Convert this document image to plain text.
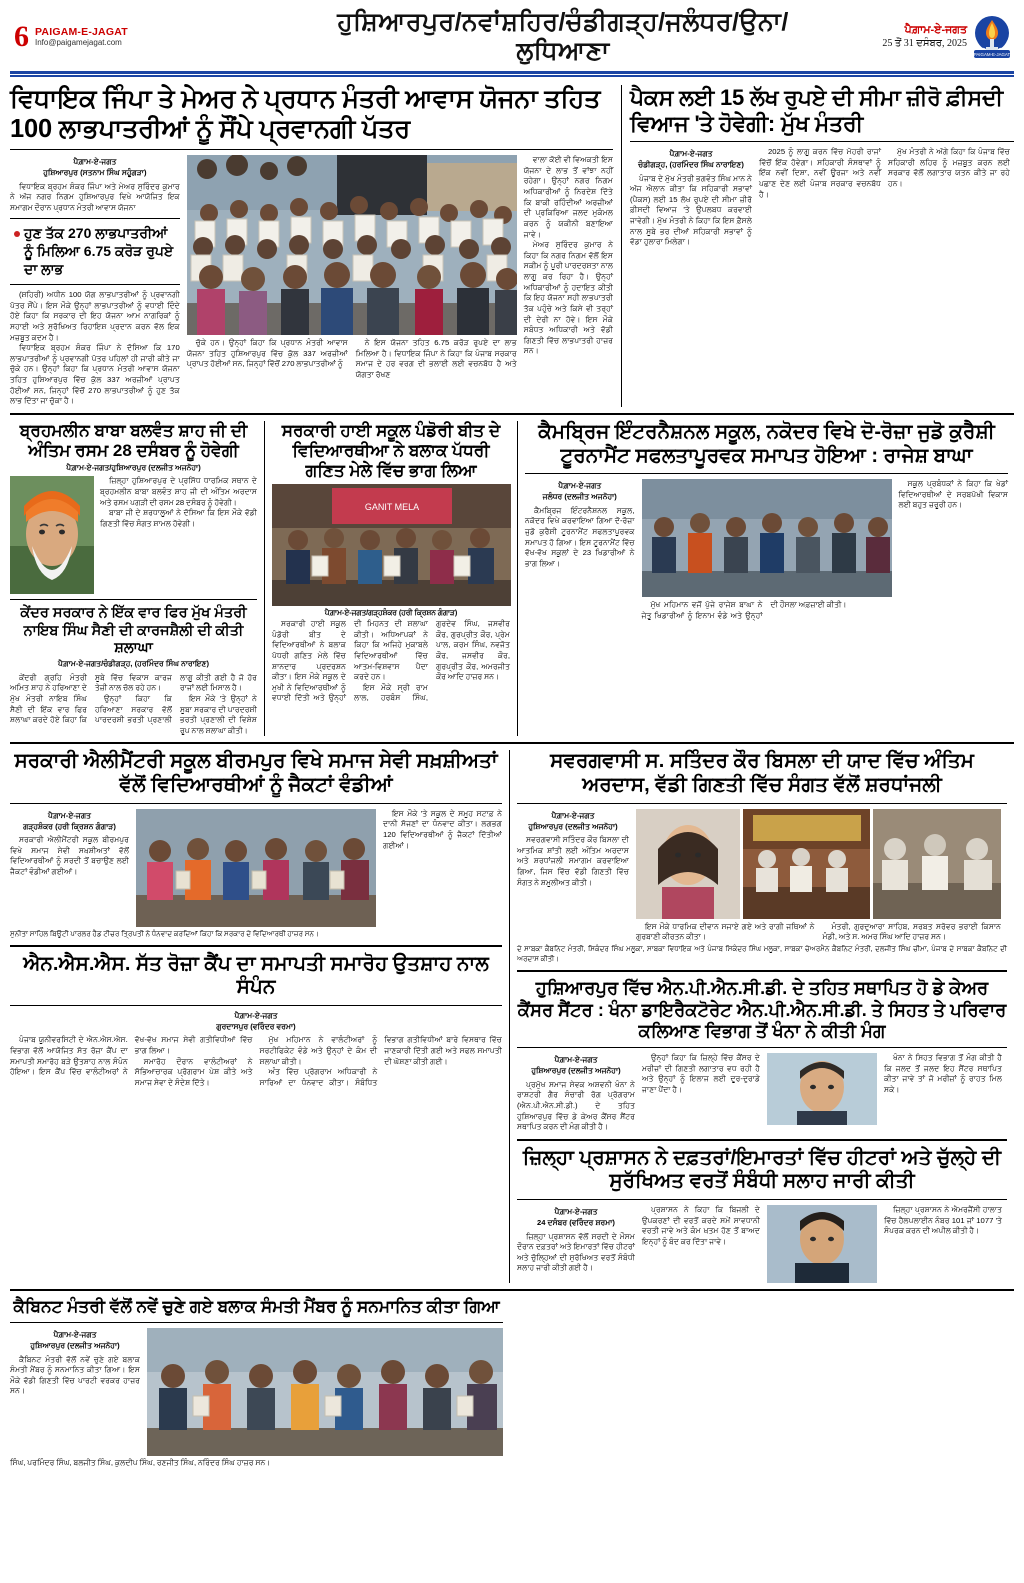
6 PAIGAM-E-JAGAT
Info@paigamejagat.com
ਹੁਸ਼ਿਆਰਪੁਰ/ਨਵਾਂਸ਼ਹਿਰ/ਚੰਡੀਗੜ੍ਹ/ਜਲੰਧਰ/ਉਨਾ/ਲੁਧਿਆਣਾ
ਪੈਗ਼ਾਮ-ਏ-ਜਗਤ
25 ਤੋਂ 31 ਦਸੰਬਰ, 2025
PAIGAM-E-JAGAT
ਵਿਧਾਇਕ ਜਿੰਪਾ ਤੇ ਮੇਅਰ ਨੇ ਪ੍ਰਧਾਨ ਮੰਤਰੀ ਆਵਾਸ ਯੋਜਨਾ ਤਹਿਤ 100 ਲਾਭਪਾਤਰੀਆਂ ਨੂੰ ਸੌਂਪੇ ਪ੍ਰਵਾਨਗੀ ਪੱਤਰ
ਪੈਗ਼ਾਮ-ਏ-ਜਗਤ
ਹੁਸ਼ਿਆਰਪੁਰ (ਸਤਨਾਮ ਸਿੰਘ ਸਹੂੰਗੜਾ)

ਵਿਧਾਇਕ ਬ੍ਰਹਮ ਸ਼ੰਕਰ ਜਿੰਪਾ ਅਤੇ ਮੇਅਰ ਸੁਰਿੰਦਰ ਕੁਮਾਰ ਨੇ ਅੱਜ ਨਗਰ ਨਿਗਮ ਹੁਸ਼ਿਆਰਪੁਰ ਵਿਖੇ ਆਯੋਜਿਤ ਇਕ ਸਮਾਗਮ ਦੌਰਾਨ ਪ੍ਰਧਾਨ ਮੰਤਰੀ ਆਵਾਸ ਯੋਜਨਾ

ਹੁਣ ਤੱਕ 270 ਲਾਭਪਾਤਰੀਆਂ ਨੂੰ ਮਿਲਿਆ 6.75 ਕਰੋੜ ਰੁਪਏ ਦਾ ਲਾਭ

(ਸ਼ਹਿਰੀ) ਅਧੀਨ 100 ਯੋਗ ਲਾਭਪਾਤਰੀਆਂ ਨੂੰ ਪ੍ਰਵਾਨਗੀ ਪੱਤਰ ਸੌਂਪੇ। ਇਸ ਮੌਕੇ ਉਨ੍ਹਾਂ ਲਾਭਪਾਤਰੀਆਂ ਨੂੰ ਵਧਾਈ ਦਿੰਦੇ ਹੋਏ ਕਿਹਾ ਕਿ ਸਰਕਾਰ ਦੀ ਇਹ ਯੋਜਨਾ ਆਮ ਨਾਗਰਿਕਾਂ ਨੂੰ ਸਹਾਈ ਅਤੇ ਸੁਰੱਖਿਅਤ ਰਿਹਾਇਸ਼ ਪ੍ਰਦਾਨ ਕਰਨ ਵੱਲ ਇਕ ਮਜ਼ਬੂਤ ਕਦਮ ਹੈ।

ਵਿਧਾਇਕ ਬ੍ਰਹਮ ਸ਼ੰਕਰ ਜਿੰਪਾ ਨੇ ਦੱਸਿਆ ਕਿ 170 ਲਾਭਪਾਤਰੀਆਂ ਨੂੰ ਪ੍ਰਵਾਨਗੀ ਪੱਤਰ ਪਹਿਲਾਂ ਹੀ ਜਾਰੀ ਕੀਤੇ ਜਾ ਚੁੱਕੇ ਹਨ। ਉਨ੍ਹਾਂ ਕਿਹਾ ਕਿ ਪ੍ਰਧਾਨ ਮੰਤਰੀ ਆਵਾਸ ਯੋਜਨਾ ਤਹਿਤ ਹੁਸ਼ਿਆਰਪੁਰ ਵਿੱਚ ਕੁੱਲ 337 ਅਰਜ਼ੀਆਂ ਪ੍ਰਾਪਤ ਹੋਈਆਂ ਸਨ, ਜਿਨ੍ਹਾਂ ਵਿੱਚੋਂ 270 ਲਾਭਪਾਤਰੀਆਂ ਨੂੰ ਹੁਣ ਤੱਕ ਲਾਭ ਦਿੱਤਾ ਜਾ ਚੁੱਕਾ ਹੈ।

ਚੁੱਕੇ ਹਨ। ਉਨ੍ਹਾਂ ਕਿਹਾ ਕਿ ਪ੍ਰਧਾਨ ਮੰਤਰੀ ਆਵਾਸ ਯੋਜਨਾ ਤਹਿਤ ਹੁਸ਼ਿਆਰਪੁਰ ਵਿੱਚ ਕੁੱਲ 337 ਅਰਜ਼ੀਆਂ ਪ੍ਰਾਪਤ ਹੋਈਆਂ ਸਨ, ਜਿਨ੍ਹਾਂ ਵਿੱਚੋਂ 270 ਲਾਭਪਾਤਰੀਆਂ ਨੂੰ

ਨੇ ਇਸ ਯੋਜਨਾ ਤਹਿਤ 6.75 ਕਰੋੜ ਰੁਪਏ ਦਾ ਲਾਭ ਮਿਲਿਆ ਹੈ। ਵਿਧਾਇਕ ਜਿੰਪਾ ਨੇ ਕਿਹਾ ਕਿ ਪੰਜਾਬ ਸਰਕਾਰ ਸਮਾਜ ਦੇ ਹਰ ਵਰਗ ਦੀ ਭਲਾਈ ਲਈ ਵਚਨਬੱਧ ਹੈ ਅਤੇ ਯੋਗਤਾ ਰੱਖਣ

ਵਾਲਾ ਕੋਈ ਵੀ ਵਿਅਕਤੀ ਇਸ ਯੋਜਨਾ ਦੇ ਲਾਭ ਤੋਂ ਵਾਂਝਾ ਨਹੀਂ ਰਹੇਗਾ। ਉਨ੍ਹਾਂ ਨਗਰ ਨਿਗਮ ਅਧਿਕਾਰੀਆਂ ਨੂੰ ਨਿਰਦੇਸ਼ ਦਿੱਤੇ ਕਿ ਬਾਕੀ ਰਹਿੰਦੀਆਂ ਅਰਜ਼ੀਆਂ ਦੀ ਪ੍ਰਕਿਰਿਆ ਜਲਦ ਮੁਕੰਮਲ ਕਰਨ ਨੂੰ ਯਕੀਨੀ ਬਣਾਇਆ ਜਾਵੇ।

ਮੇਅਰ ਸੁਰਿੰਦਰ ਕੁਮਾਰ ਨੇ ਕਿਹਾ ਕਿ ਨਗਰ ਨਿਗਮ ਵੱਲੋਂ ਇਸ ਸਕੀਮ ਨੂੰ ਪੂਰੀ ਪਾਰਦਰਸ਼ਤਾ ਨਾਲ ਲਾਗੂ ਕਰ ਰਿਹਾ ਹੈ। ਉਨ੍ਹਾਂ ਅਧਿਕਾਰੀਆਂ ਨੂੰ ਹਦਾਇਤ ਕੀਤੀ ਕਿ ਇਹ ਯੋਜਨਾ ਸਹੀ ਲਾਭਪਾਤਰੀ ਤੱਕ ਪਹੁੰਚੇ ਅਤੇ ਕਿਸੇ ਵੀ ਤਰ੍ਹਾਂ ਦੀ ਦੇਰੀ ਨਾ ਹੋਵੇ। ਇਸ ਮੌਕੇ ਸਬੰਧਤ ਅਧਿਕਾਰੀ ਅਤੇ ਵੱਡੀ ਗਿਣਤੀ ਵਿੱਚ ਲਾਭਪਾਤਰੀ ਹਾਜ਼ਰ ਸਨ।

ਪੈਕਸ ਲਈ 15 ਲੱਖ ਰੁਪਏ ਦੀ ਸੀਮਾ ਜ਼ੀਰੋ ਫ਼ੀਸਦੀ ਵਿਆਜ 'ਤੇ ਹੋਵੇਗੀ: ਮੁੱਖ ਮੰਤਰੀ
ਪੈਗ਼ਾਮ-ਏ-ਜਗਤ
ਚੰਡੀਗੜ੍ਹ, (ਹਰਮਿੰਦਰ ਸਿੰਘ ਨਾਰਾਇਣ)

ਪੰਜਾਬ ਦੇ ਮੁੱਖ ਮੰਤਰੀ ਭਗਵੰਤ ਸਿੰਘ ਮਾਨ ਨੇ ਅੱਜ ਐਲਾਨ ਕੀਤਾ ਕਿ ਸਹਿਕਾਰੀ ਸਭਾਵਾਂ (ਪੈਕਸ) ਲਈ 15 ਲੱਖ ਰੁਪਏ ਦੀ ਸੀਮਾ ਜ਼ੀਰੋ ਫ਼ੀਸਦੀ ਵਿਆਜ 'ਤੇ ਉਪਲਬਧ ਕਰਵਾਈ ਜਾਵੇਗੀ। ਮੁੱਖ ਮੰਤਰੀ ਨੇ ਕਿਹਾ ਕਿ ਇਸ ਫ਼ੈਸਲੇ ਨਾਲ ਸੂਬੇ ਭਰ ਦੀਆਂ ਸਹਿਕਾਰੀ ਸਭਾਵਾਂ ਨੂੰ ਵੱਡਾ ਹੁਲਾਰਾ ਮਿਲੇਗਾ।

2025 ਨੂੰ ਲਾਗੂ ਕਰਨ ਵਿੱਚ ਮੋਹਰੀ ਰਾਜਾਂ ਵਿੱਚੋਂ ਇੱਕ ਹੋਵੇਗਾ। ਸਹਿਕਾਰੀ ਸੰਸਥਾਵਾਂ ਨੂੰ ਇੱਕ ਨਵੀਂ ਦਿਸ਼ਾ, ਨਵੀਂ ਊਰਜਾ ਅਤੇ ਨਵੀਂ ਪਛਾਣ ਦੇਣ ਲਈ ਪੰਜਾਬ ਸਰਕਾਰ ਵਚਨਬੱਧ ਹੈ।

ਮੁੱਖ ਮੰਤਰੀ ਨੇ ਅੱਗੇ ਕਿਹਾ ਕਿ ਪੰਜਾਬ ਵਿੱਚ ਸਹਿਕਾਰੀ ਲਹਿਰ ਨੂੰ ਮਜ਼ਬੂਤ ਕਰਨ ਲਈ ਸਰਕਾਰ ਵੱਲੋਂ ਲਗਾਤਾਰ ਯਤਨ ਕੀਤੇ ਜਾ ਰਹੇ ਹਨ।

ਬ੍ਰਹਮਲੀਨ ਬਾਬਾ ਬਲਵੰਤ ਸ਼ਾਹ ਜੀ ਦੀ ਅੰਤਿਮ ਰਸਮ 28 ਦਸੰਬਰ ਨੂੰ ਹੋਵੇਗੀ
ਪੈਗ਼ਾਮ-ਏ-ਜਗਤ/ਹੁਸ਼ਿਆਰਪੁਰ (ਦਲਜੀਤ ਅਜਨੋਹਾ)

ਜ਼ਿਲ੍ਹਾ ਹੁਸ਼ਿਆਰਪੁਰ ਦੇ ਪ੍ਰਸਿੱਧ ਧਾਰਮਿਕ ਸਥਾਨ ਦੇ ਬ੍ਰਹਮਲੀਨ ਬਾਬਾ ਬਲਵੰਤ ਸ਼ਾਹ ਜੀ ਦੀ ਅੰਤਿਮ ਅਰਦਾਸ ਅਤੇ ਰਸਮ ਪਗੜੀ ਦੀ ਰਸਮ 28 ਦਸੰਬਰ ਨੂੰ ਹੋਵੇਗੀ।

ਬਾਬਾ ਜੀ ਦੇ ਸ਼ਰਧਾਲੂਆਂ ਨੇ ਦੱਸਿਆ ਕਿ ਇਸ ਮੌਕੇ ਵੱਡੀ ਗਿਣਤੀ ਵਿੱਚ ਸੰਗਤ ਸ਼ਾਮਲ ਹੋਵੇਗੀ।

ਕੇਂਦਰ ਸਰਕਾਰ ਨੇ ਇੱਕ ਵਾਰ ਫਿਰ ਮੁੱਖ ਮੰਤਰੀ ਨਾਇਬ ਸਿੰਘ ਸੈਣੀ ਦੀ ਕਾਰਜਸ਼ੈਲੀ ਦੀ ਕੀਤੀ ਸ਼ਲਾਘਾ
ਪੈਗ਼ਾਮ-ਏ-ਜਗਤ/ਚੰਡੀਗੜ੍ਹ, (ਹਰਮਿੰਦਰ ਸਿੰਘ ਨਾਰਾਇਣ)

ਕੇਂਦਰੀ ਗ੍ਰਹਿ ਮੰਤਰੀ ਅਮਿਤ ਸ਼ਾਹ ਨੇ ਹਰਿਆਣਾ ਦੇ ਮੁੱਖ ਮੰਤਰੀ ਨਾਇਬ ਸਿੰਘ ਸੈਣੀ ਦੀ ਇੱਕ ਵਾਰ ਫਿਰ ਸ਼ਲਾਘਾ ਕਰਦੇ ਹੋਏ ਕਿਹਾ ਕਿ ਸੂਬੇ ਵਿੱਚ ਵਿਕਾਸ ਕਾਰਜ ਤੇਜ਼ੀ ਨਾਲ ਚੱਲ ਰਹੇ ਹਨ।

ਉਨ੍ਹਾਂ ਕਿਹਾ ਕਿ ਹਰਿਆਣਾ ਸਰਕਾਰ ਵੱਲੋਂ ਪਾਰਦਰਸ਼ੀ ਭਰਤੀ ਪ੍ਰਣਾਲੀ ਲਾਗੂ ਕੀਤੀ ਗਈ ਹੈ ਜੋ ਹੋਰ ਰਾਜਾਂ ਲਈ ਮਿਸਾਲ ਹੈ।

ਇਸ ਮੌਕੇ 'ਤੇ ਉਨ੍ਹਾਂ ਨੇ ਸੂਬਾ ਸਰਕਾਰ ਦੀ ਪਾਰਦਰਸ਼ੀ ਭਰਤੀ ਪ੍ਰਣਾਲੀ ਦੀ ਵਿਸ਼ੇਸ਼ ਰੂਪ ਨਾਲ ਸ਼ਲਾਘਾ ਕੀਤੀ।

ਸਰਕਾਰੀ ਹਾਈ ਸਕੂਲ ਪੰਡੋਰੀ ਬੀਤ ਦੇ ਵਿਦਿਆਰਥੀਆ ਨੇ ਬਲਾਕ ਪੱਧਰੀ ਗਣਿਤ ਮੇਲੇ ਵਿੱਚ ਭਾਗ ਲਿਆ
GANIT MELA
ਪੈਗ਼ਾਮ-ਏ-ਜਗਤ/ਗੜ੍ਹਸ਼ੰਕਰ (ਹਰੀ ਕ੍ਰਿਸ਼ਨ ਗੰਗਾੜ)

ਸਰਕਾਰੀ ਹਾਈ ਸਕੂਲ ਪੰਡੋਰੀ ਬੀਤ ਦੇ ਵਿਦਿਆਰਥੀਆਂ ਨੇ ਬਲਾਕ ਪੱਧਰੀ ਗਣਿਤ ਮੇਲੇ ਵਿੱਚ ਸ਼ਾਨਦਾਰ ਪ੍ਰਦਰਸ਼ਨ ਕੀਤਾ। ਇਸ ਮੌਕੇ ਸਕੂਲ ਦੇ ਮੁਖੀ ਨੇ ਵਿਦਿਆਰਥੀਆਂ ਨੂੰ ਵਧਾਈ ਦਿੱਤੀ ਅਤੇ ਉਨ੍ਹਾਂ ਦੀ ਮਿਹਨਤ ਦੀ ਸ਼ਲਾਘਾ ਕੀਤੀ। ਅਧਿਆਪਕਾਂ ਨੇ ਕਿਹਾ ਕਿ ਅਜਿਹੇ ਮੁਕਾਬਲੇ ਵਿਦਿਆਰਥੀਆਂ ਵਿੱਚ ਆਤਮ-ਵਿਸ਼ਵਾਸ ਪੈਦਾ ਕਰਦੇ ਹਨ।

ਇਸ ਮੌਕੇ ਸ੍ਰੀ ਰਾਮ ਲਾਲ, ਹਰਬੰਸ ਸਿੰਘ, ਗੁਰਦੇਵ ਸਿੰਘ, ਜਸਵੀਰ ਕੌਰ, ਗੁਰਪ੍ਰੀਤ ਕੌਰ, ਪ੍ਰੇਮ ਪਾਲ, ਕਰਮ ਸਿੰਘ, ਨਵਜੋਤ ਕੌਰ, ਜਸਵੀਰ ਕੌਰ, ਗੁਰਪ੍ਰੀਤ ਕੌਰ, ਅਮਰਜੀਤ ਕੌਰ ਆਦਿ ਹਾਜ਼ਰ ਸਨ।

ਕੈਮਬ੍ਰਿਜ ਇੰਟਰਨੈਸ਼ਨਲ ਸਕੂਲ, ਨਕੋਦਰ ਵਿਖੇ ਦੋ-ਰੋਜ਼ਾ ਜੁਡੋ ਕੁਰੈਸ਼ੀ ਟੂਰਨਾਮੈਂਟ ਸਫਲਤਾਪੂਰਵਕ ਸਮਾਪਤ ਹੋਇਆ : ਰਾਜੇਸ਼ ਬਾਘਾ
ਪੈਗ਼ਾਮ-ਏ-ਜਗਤ
ਜਲੰਧਰ (ਦਲਜੀਤ ਅਜਨੋਹਾ)

ਕੈਮਬ੍ਰਿਜ ਇੰਟਰਨੈਸ਼ਨਲ ਸਕੂਲ, ਨਕੋਦਰ ਵਿਖੇ ਕਰਵਾਇਆ ਗਿਆ ਦੋ-ਰੋਜ਼ਾ ਜੁਡੋ ਕੁਰੈਸ਼ੀ ਟੂਰਨਾਮੈਂਟ ਸਫਲਤਾਪੂਰਵਕ ਸਮਾਪਤ ਹੋ ਗਿਆ। ਇਸ ਟੂਰਨਾਮੈਂਟ ਵਿੱਚ ਵੱਖ-ਵੱਖ ਸਕੂਲਾਂ ਦੇ 23 ਖਿਡਾਰੀਆਂ ਨੇ ਭਾਗ ਲਿਆ।

ਮੁੱਖ ਮਹਿਮਾਨ ਵਜੋਂ ਪੁੱਜੇ ਰਾਜੇਸ਼ ਬਾਘਾ ਨੇ ਜੇਤੂ ਖਿਡਾਰੀਆਂ ਨੂੰ ਇਨਾਮ ਵੰਡੇ ਅਤੇ ਉਨ੍ਹਾਂ ਦੀ ਹੌਸਲਾ ਅਫ਼ਜ਼ਾਈ ਕੀਤੀ।

ਸਕੂਲ ਪ੍ਰਬੰਧਕਾਂ ਨੇ ਕਿਹਾ ਕਿ ਖੇਡਾਂ ਵਿਦਿਆਰਥੀਆਂ ਦੇ ਸਰਬਪੱਖੀ ਵਿਕਾਸ ਲਈ ਬਹੁਤ ਜ਼ਰੂਰੀ ਹਨ।

ਸਰਕਾਰੀ ਐਲੀਮੈਂਟਰੀ ਸਕੂਲ ਬੀਰਮਪੁਰ ਵਿਖੇ ਸਮਾਜ ਸੇਵੀ ਸਖ਼ਸ਼ੀਅਤਾਂ ਵੱਲੋਂ ਵਿਦਿਆਰਥੀਆਂ ਨੂੰ ਜੈਕਟਾਂ ਵੰਡੀਆਂ
ਪੈਗ਼ਾਮ-ਏ-ਜਗਤ
ਗੜ੍ਹਸ਼ੰਕਰ (ਹਰੀ ਕ੍ਰਿਸ਼ਨ ਗੰਗਾੜ)

ਸਰਕਾਰੀ ਐਲੀਮੈਂਟਰੀ ਸਕੂਲ ਬੀਰਮਪੁਰ ਵਿਖੇ ਸਮਾਜ ਸੇਵੀ ਸਖ਼ਸ਼ੀਅਤਾਂ ਵੱਲੋਂ ਵਿਦਿਆਰਥੀਆਂ ਨੂੰ ਸਰਦੀ ਤੋਂ ਬਚਾਉਣ ਲਈ ਜੈਕਟਾਂ ਵੰਡੀਆਂ ਗਈਆਂ।

ਇਸ ਮੌਕੇ 'ਤੇ ਸਕੂਲ ਦੇ ਸਮੂਹ ਸਟਾਫ਼ ਨੇ ਦਾਨੀ ਸੱਜਣਾਂ ਦਾ ਧੰਨਵਾਦ ਕੀਤਾ। ਲਗਭਗ 120 ਵਿਦਿਆਰਥੀਆਂ ਨੂੰ ਜੈਕਟਾਂ ਦਿੱਤੀਆਂ ਗਈਆਂ।

ਸੁਨੀਤਾ ਸਾਹਿਲ ਬਿਊਟੀ ਪਾਰਲਰ ਹੈਡ ਟੀਚਰ ਤ੍ਰਿਪਤੀ ਨੇ ਧੰਨਵਾਦ ਕਰਦਿਆਂ ਕਿਹਾ ਕਿ ਸਰਕਾਰ ਦੇ ਵਿਦਿਆਰਥੀ ਹਾਜ਼ਰ ਸਨ।
ਐਨ.ਐਸ.ਐਸ. ਸੱਤ ਰੋਜ਼ਾ ਕੈਂਪ ਦਾ ਸਮਾਪਤੀ ਸਮਾਰੋਹ ਉਤਸ਼ਾਹ ਨਾਲ ਸੰਪੰਨ
ਪੈਗ਼ਾਮ-ਏ-ਜਗਤ
ਗੁਰਦਾਸਪੁਰ (ਵਰਿੰਦਰ ਵਰਮਾ)

ਪੰਜਾਬ ਯੂਨੀਵਰਸਿਟੀ ਦੇ ਐਨ.ਐਸ.ਐਸ. ਵਿਭਾਗ ਵੱਲੋਂ ਆਯੋਜਿਤ ਸੱਤ ਰੋਜ਼ਾ ਕੈਂਪ ਦਾ ਸਮਾਪਤੀ ਸਮਾਰੋਹ ਬੜੇ ਉਤਸ਼ਾਹ ਨਾਲ ਸੰਪੰਨ ਹੋਇਆ। ਇਸ ਕੈਂਪ ਵਿੱਚ ਵਾਲੰਟੀਅਰਾਂ ਨੇ ਵੱਖ-ਵੱਖ ਸਮਾਜ ਸੇਵੀ ਗਤੀਵਿਧੀਆਂ ਵਿੱਚ ਭਾਗ ਲਿਆ।

ਸਮਾਰੋਹ ਦੌਰਾਨ ਵਾਲੰਟੀਅਰਾਂ ਨੇ ਸੱਭਿਆਚਾਰਕ ਪ੍ਰੋਗਰਾਮ ਪੇਸ਼ ਕੀਤੇ ਅਤੇ ਸਮਾਜ ਸੇਵਾ ਦੇ ਸੰਦੇਸ਼ ਦਿੱਤੇ।

ਮੁੱਖ ਮਹਿਮਾਨ ਨੇ ਵਾਲੰਟੀਅਰਾਂ ਨੂੰ ਸਰਟੀਫਿਕੇਟ ਵੰਡੇ ਅਤੇ ਉਨ੍ਹਾਂ ਦੇ ਕੰਮ ਦੀ ਸ਼ਲਾਘਾ ਕੀਤੀ।

ਅੰਤ ਵਿੱਚ ਪ੍ਰੋਗਰਾਮ ਅਧਿਕਾਰੀ ਨੇ ਸਾਰਿਆਂ ਦਾ ਧੰਨਵਾਦ ਕੀਤਾ। ਸੰਬੰਧਿਤ ਵਿਭਾਗ ਗਤੀਵਿਧੀਆਂ ਬਾਰੇ ਵਿਸਥਾਰ ਵਿੱਚ ਜਾਣਕਾਰੀ ਦਿੱਤੀ ਗਈ ਅਤੇ ਸਫਲ ਸਮਾਪਤੀ ਦੀ ਘੋਸ਼ਣਾ ਕੀਤੀ ਗਈ।

ਸਵਰਗਵਾਸੀ ਸ. ਸਤਿੰਦਰ ਕੌਰ ਬਿਸਲਾ ਦੀ ਯਾਦ ਵਿੱਚ ਅੰਤਿਮ ਅਰਦਾਸ, ਵੱਡੀ ਗਿਣਤੀ ਵਿੱਚ ਸੰਗਤ ਵੱਲੋਂ ਸ਼ਰਧਾਂਜਲੀ
ਪੈਗ਼ਾਮ-ਏ-ਜਗਤ
ਹੁਸ਼ਿਆਰਪੁਰ (ਦਲਜੀਤ ਅਜਨੋਹਾ)

ਸਵਰਗਵਾਸੀ ਸਤਿੰਦਰ ਕੌਰ ਬਿਸਲਾ ਦੀ ਆਤਮਿਕ ਸ਼ਾਂਤੀ ਲਈ ਅੰਤਿਮ ਅਰਦਾਸ ਅਤੇ ਸ਼ਰਧਾਂਜਲੀ ਸਮਾਗਮ ਕਰਵਾਇਆ ਗਿਆ, ਜਿਸ ਵਿੱਚ ਵੱਡੀ ਗਿਣਤੀ ਵਿੱਚ ਸੰਗਤ ਨੇ ਸ਼ਮੂਲੀਅਤ ਕੀਤੀ।

ਇਸ ਮੌਕੇ ਧਾਰਮਿਕ ਦੀਵਾਨ ਸਜਾਏ ਗਏ ਅਤੇ ਰਾਗੀ ਜਥਿਆਂ ਨੇ ਗੁਰਬਾਣੀ ਕੀਰਤਨ ਕੀਤਾ।

ਮੰਤਰੀ, ਗੁਰਦੁਆਰਾ ਸਾਹਿਬ, ਸਰਬਤ ਸਰੋਵਰ ਭਰਾਈ ਕਿਸਾਨ ਮੰਡੀ, ਅਤੇ ਸ. ਅਮਰ ਸਿੰਘ ਆਦਿ ਹਾਜ਼ਰ ਸਨ।

ਦੇ ਸਾਬਕਾ ਕੈਬਨਿਟ ਮੰਤਰੀ, ਸਿਕੰਦਰ ਸਿੰਘ ਮਲੂਕਾ, ਸਾਬਕਾ ਵਿਧਾਇਕ ਅਤੇ ਪੰਜਾਬ ਸਿਕੰਦਰ ਸਿੰਘ ਮਲੂਕਾ, ਸਾਬਕਾ ਚੇਅਰਮੈਨ ਕੈਬਨਿਟ ਮੰਤਰੀ, ਦਲਜੀਤ ਸਿੰਘ ਚੀਮਾ, ਪੰਜਾਬ ਦੇ ਸਾਬਕਾ ਕੈਬਨਿਟ ਦੀ ਅਰਦਾਸ ਕੀਤੀ।
ਹੁਸ਼ਿਆਰਪੁਰ ਵਿੱਚ ਐਨ.ਪੀ.ਐਨ.ਸੀ.ਡੀ. ਦੇ ਤਹਿਤ ਸਥਾਪਿਤ ਹੋ ਡੇ ਕੇਅਰ ਕੈਂਸਰ ਸੈਂਟਰ : ਖੰਨਾ ਡਾਇਰੈਕਟੋਰੇਟ ਐਨ.ਪੀ.ਐਨ.ਸੀ.ਡੀ. ਤੇ ਸਿਹਤ ਤੇ ਪਰਿਵਾਰ ਕਲਿਆਣ ਵਿਭਾਗ ਤੋਂ ਖੰਨਾ ਨੇ ਕੀਤੀ ਮੰਗ
ਪੈਗ਼ਾਮ-ਏ-ਜਗਤ
ਹੁਸ਼ਿਆਰਪੁਰ (ਦਲਜੀਤ ਅਜਨੋਹਾ)

ਪ੍ਰਮੁੱਖ ਸਮਾਜ ਸੇਵਕ ਅਸ਼ਵਨੀ ਖੰਨਾ ਨੇ ਰਾਸ਼ਟਰੀ ਗੈਰ ਸੰਚਾਰੀ ਰੋਗ ਪ੍ਰੋਗਰਾਮ (ਐਨ.ਪੀ.ਐਨ.ਸੀ.ਡੀ.) ਦੇ ਤਹਿਤ ਹੁਸ਼ਿਆਰਪੁਰ ਵਿੱਚ ਡੇ ਕੇਅਰ ਕੈਂਸਰ ਸੈਂਟਰ ਸਥਾਪਿਤ ਕਰਨ ਦੀ ਮੰਗ ਕੀਤੀ ਹੈ।

ਉਨ੍ਹਾਂ ਕਿਹਾ ਕਿ ਜ਼ਿਲ੍ਹੇ ਵਿੱਚ ਕੈਂਸਰ ਦੇ ਮਰੀਜ਼ਾਂ ਦੀ ਗਿਣਤੀ ਲਗਾਤਾਰ ਵਧ ਰਹੀ ਹੈ ਅਤੇ ਉਨ੍ਹਾਂ ਨੂੰ ਇਲਾਜ ਲਈ ਦੂਰ-ਦੁਰਾਡੇ ਜਾਣਾ ਪੈਂਦਾ ਹੈ।

ਖੰਨਾ ਨੇ ਸਿਹਤ ਵਿਭਾਗ ਤੋਂ ਮੰਗ ਕੀਤੀ ਹੈ ਕਿ ਜਲਦ ਤੋਂ ਜਲਦ ਇਹ ਸੈਂਟਰ ਸਥਾਪਿਤ ਕੀਤਾ ਜਾਵੇ ਤਾਂ ਜੋ ਮਰੀਜ਼ਾਂ ਨੂੰ ਰਾਹਤ ਮਿਲ ਸਕੇ।

ਜ਼ਿਲ੍ਹਾ ਪ੍ਰਸ਼ਾਸਨ ਨੇ ਦਫ਼ਤਰਾਂ/ਇਮਾਰਤਾਂ ਵਿੱਚ ਹੀਟਰਾਂ ਅਤੇ ਚੁੱਲ੍ਹੇ ਦੀ ਸੁਰੱਖਿਅਤ ਵਰਤੋਂ ਸੰਬੰਧੀ ਸਲਾਹ ਜਾਰੀ ਕੀਤੀ
ਪੈਗ਼ਾਮ-ਏ-ਜਗਤ
24 ਦਸੰਬਰ (ਵਰਿੰਦਰ ਸ਼ਰਮਾ)

ਜ਼ਿਲ੍ਹਾ ਪ੍ਰਸ਼ਾਸਨ ਵੱਲੋਂ ਸਰਦੀ ਦੇ ਮੌਸਮ ਦੌਰਾਨ ਦਫ਼ਤਰਾਂ ਅਤੇ ਇਮਾਰਤਾਂ ਵਿੱਚ ਹੀਟਰਾਂ ਅਤੇ ਚੁੱਲ੍ਹਿਆਂ ਦੀ ਸੁਰੱਖਿਅਤ ਵਰਤੋਂ ਸੰਬੰਧੀ ਸਲਾਹ ਜਾਰੀ ਕੀਤੀ ਗਈ ਹੈ।

ਪ੍ਰਸ਼ਾਸਨ ਨੇ ਕਿਹਾ ਕਿ ਬਿਜਲੀ ਦੇ ਉਪਕਰਣਾਂ ਦੀ ਵਰਤੋਂ ਕਰਦੇ ਸਮੇਂ ਸਾਵਧਾਨੀ ਵਰਤੀ ਜਾਵੇ ਅਤੇ ਕੰਮ ਖ਼ਤਮ ਹੋਣ ਤੋਂ ਬਾਅਦ ਇਨ੍ਹਾਂ ਨੂੰ ਬੰਦ ਕਰ ਦਿੱਤਾ ਜਾਵੇ।

ਜ਼ਿਲ੍ਹਾ ਪ੍ਰਸ਼ਾਸਨ ਨੇ ਐਮਰਜੈਂਸੀ ਹਾਲਾਤ ਵਿੱਚ ਹੈਲਪਲਾਈਨ ਨੰਬਰ 101 ਜਾਂ 1077 'ਤੇ ਸੰਪਰਕ ਕਰਨ ਦੀ ਅਪੀਲ ਕੀਤੀ ਹੈ।

ਕੈਬਿਨਟ ਮੰਤਰੀ ਵੱਲੋਂ ਨਵੇਂ ਚੁਣੇ ਗਏ ਬਲਾਕ ਸੰਮਤੀ ਮੈਂਬਰ ਨੂੰ ਸਨਮਾਨਿਤ ਕੀਤਾ ਗਿਆ
ਪੈਗ਼ਾਮ-ਏ-ਜਗਤ
ਹੁਸ਼ਿਆਰਪੁਰ (ਦਲਜੀਤ ਅਜਨੋਹਾ)

ਕੈਬਿਨਟ ਮੰਤਰੀ ਵੱਲੋਂ ਨਵੇਂ ਚੁਣੇ ਗਏ ਬਲਾਕ ਸੰਮਤੀ ਮੈਂਬਰ ਨੂੰ ਸਨਮਾਨਿਤ ਕੀਤਾ ਗਿਆ। ਇਸ ਮੌਕੇ ਵੱਡੀ ਗਿਣਤੀ ਵਿੱਚ ਪਾਰਟੀ ਵਰਕਰ ਹਾਜ਼ਰ ਸਨ।

ਸਿੰਘ, ਪਰਮਿੰਦਰ ਸਿੰਘ, ਬਲਜੀਤ ਸਿੰਘ, ਕੁਲਦੀਪ ਸਿੰਘ, ਰਣਜੀਤ ਸਿੰਘ, ਨਰਿੰਦਰ ਸਿੰਘ ਹਾਜ਼ਰ ਸਨ।
